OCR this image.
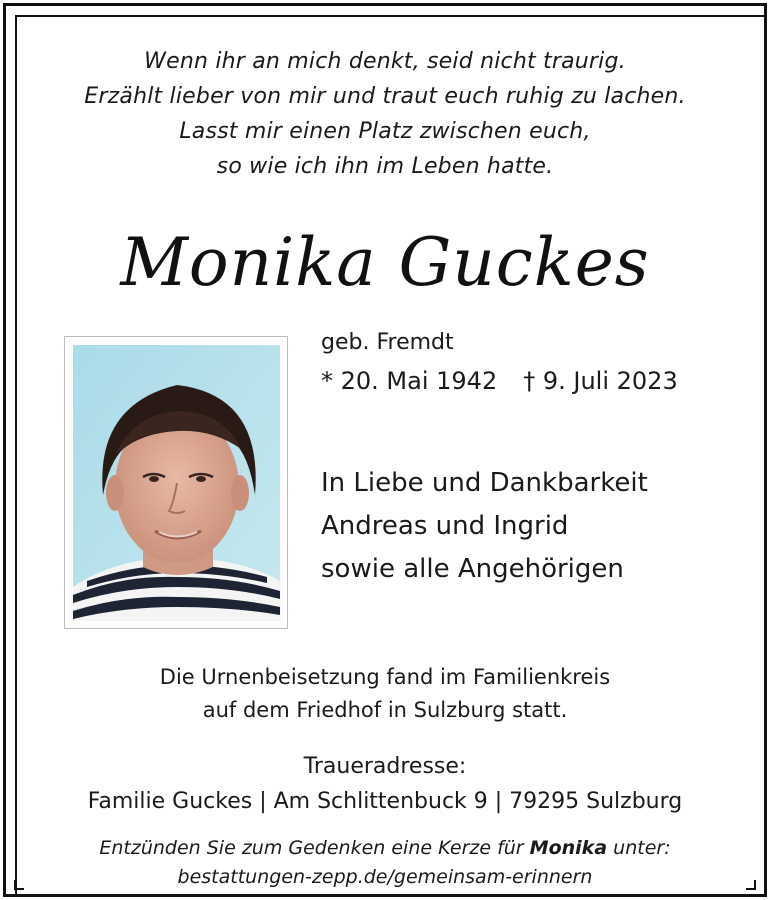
Wenn ihr an mich denkt, seid nicht traurig.
Erzählt lieber von mir und traut euch ruhig zu lachen.
Lasst mir einen Platz zwischen euch,
so wie ich ihn im Leben hatte.
Monika Guckes
geb. Fremdt
* 20. Mai 1942 † 9. Juli 2023
In Liebe und Dankbarkeit
Andreas und Ingrid
sowie alle Angehörigen
Die Urnenbeisetzung fand im Familienkreis
auf dem Friedhof in Sulzburg statt.
Traueradresse:
Familie Guckes | Am Schlittenbuck 9 | 79295 Sulzburg
Entzünden Sie zum Gedenken eine Kerze für Monika unter:
bestattungen-zepp.de/gemeinsam-erinnern
